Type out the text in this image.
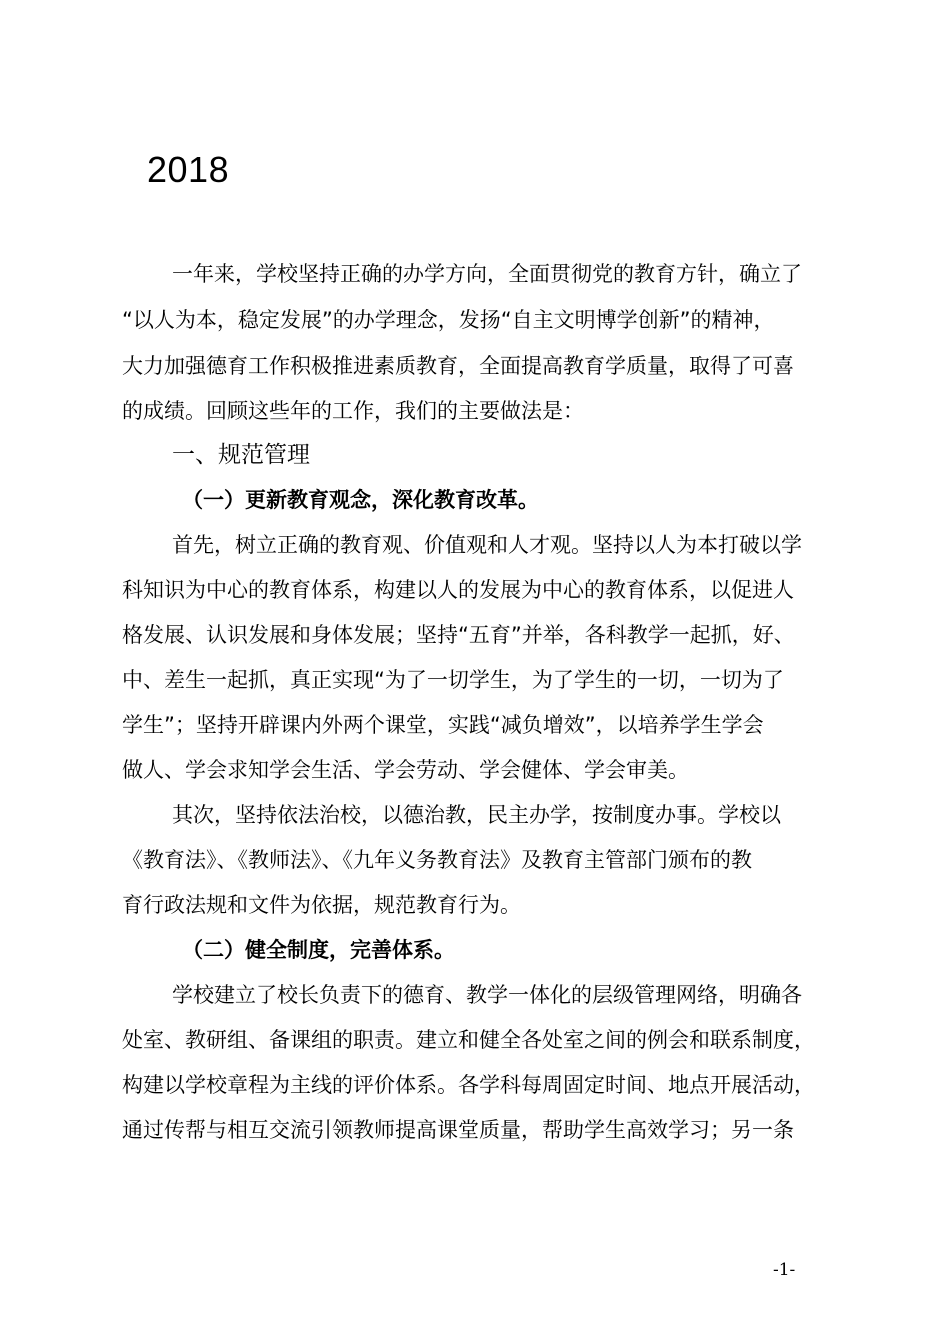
2018
一年来，学校坚持正确的办学方向，全面贯彻党的教育方针，确立了
“以人为本，稳定发展”的办学理念，发扬“自主文明博学创新”的精神，
大力加强德育工作积极推进素质教育，全面提高教育学质量，取得了可喜
的成绩。回顾这些年的工作，我们的主要做法是：
一、规范管理
（一）更新教育观念，深化教育改革。
首先，树立正确的教育观、价值观和人才观。坚持以人为本打破以学
科知识为中心的教育体系，构建以人的发展为中心的教育体系，以促进人
格发展、认识发展和身体发展；坚持“五育”并举，各科教学一起抓，好、
中、差生一起抓，真正实现“为了一切学生，为了学生的一切，一切为了
学生”；坚持开辟课内外两个课堂，实践“减负增效”，以培养学生学会
做人、学会求知学会生活、学会劳动、学会健体、学会审美。
其次，坚持依法治校，以德治教，民主办学，按制度办事。学校以
《教育法》、《教师法》、《九年义务教育法》及教育主管部门颁布的教
育行政法规和文件为依据，规范教育行为。
（二）健全制度，完善体系。
学校建立了校长负责下的德育、教学一体化的层级管理网络，明确各
处室、教研组、备课组的职责。建立和健全各处室之间的例会和联系制度，
构建以学校章程为主线的评价体系。各学科每周固定时间、地点开展活动，
通过传帮与相互交流引领教师提高课堂质量，帮助学生高效学习；另一条
-1-
